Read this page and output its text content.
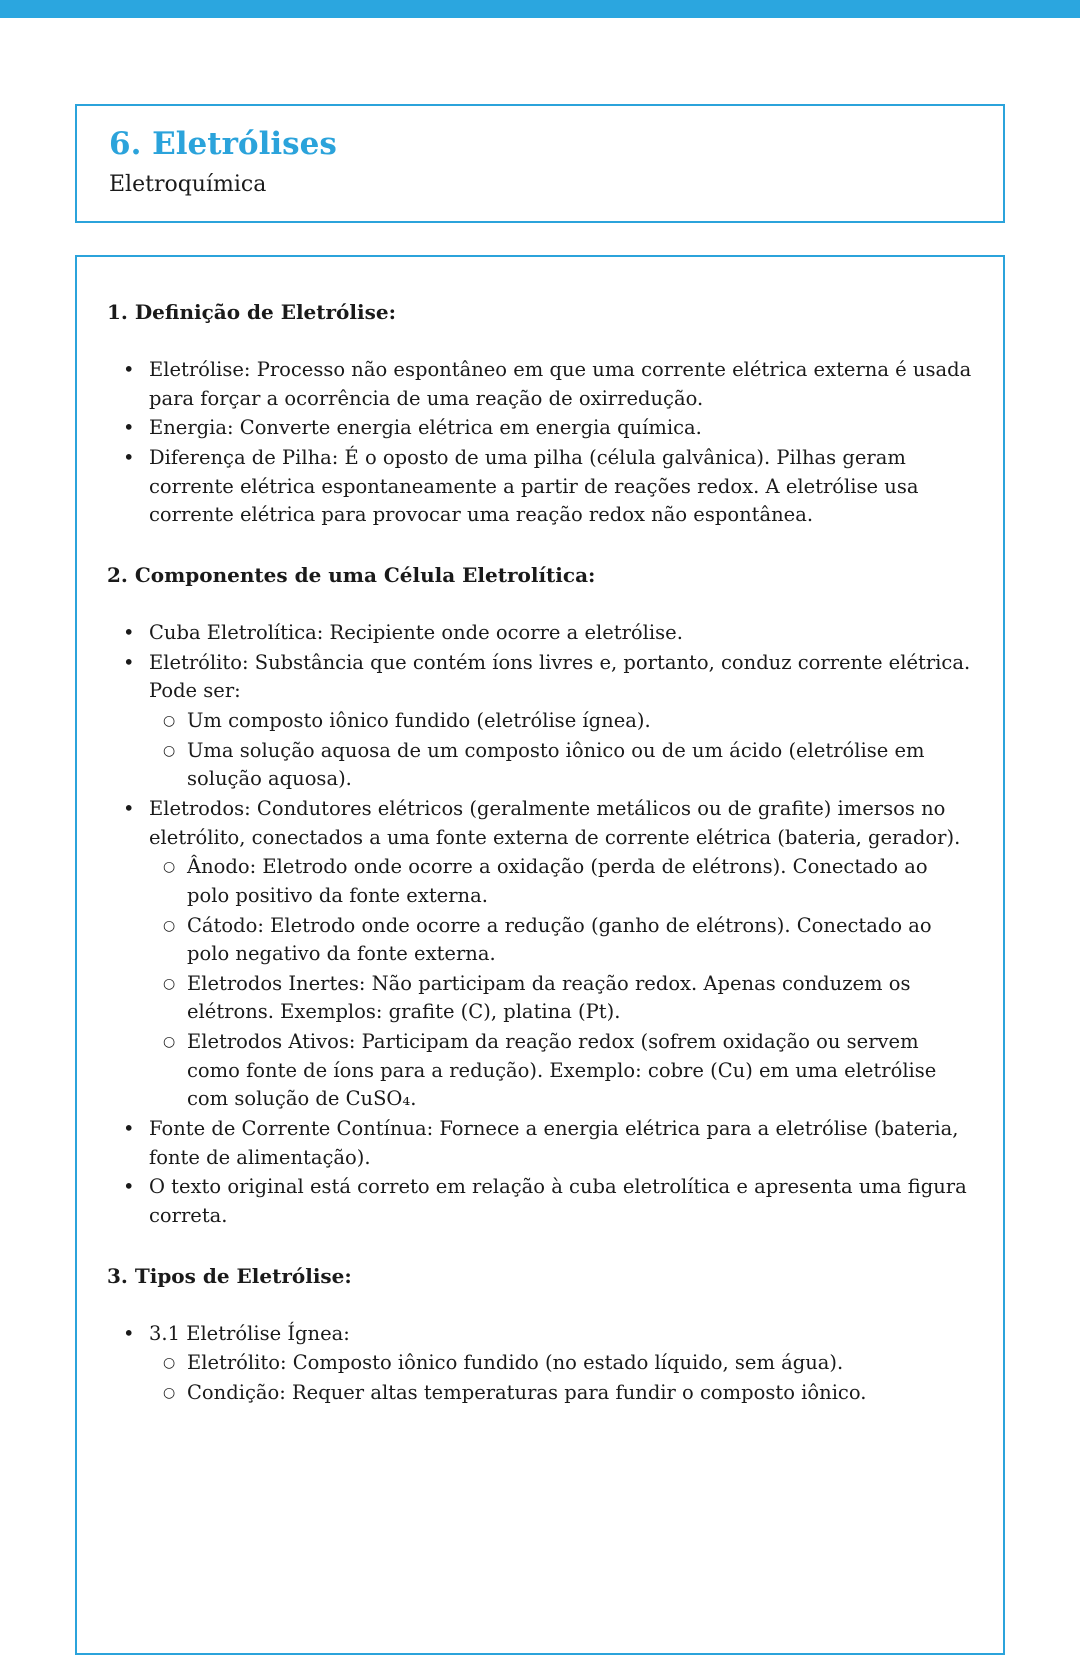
6. Eletrólises
Eletroquímica
1. Definição de Eletrólise:
• Eletrólise: Processo não espontâneo em que uma corrente elétrica externa é usada para forçar a ocorrência de uma reação de oxirredução.
• Energia: Converte energia elétrica em energia química.
• Diferença de Pilha: É o oposto de uma pilha (célula galvânica). Pilhas geram corrente elétrica espontaneamente a partir de reações redox. A eletrólise usa corrente elétrica para provocar uma reação redox não espontânea.
2. Componentes de uma Célula Eletrolítica:
• Cuba Eletrolítica: Recipiente onde ocorre a eletrólise.
• Eletrólito: Substância que contém íons livres e, portanto, conduz corrente elétrica. Pode ser:
○ Um composto iônico fundido (eletrólise ígnea).
○ Uma solução aquosa de um composto iônico ou de um ácido (eletrólise em solução aquosa).
• Eletrodos: Condutores elétricos (geralmente metálicos ou de grafite) imersos no eletrólito, conectados a uma fonte externa de corrente elétrica (bateria, gerador).
○ Ânodo: Eletrodo onde ocorre a oxidação (perda de elétrons). Conectado ao polo positivo da fonte externa.
○ Cátodo: Eletrodo onde ocorre a redução (ganho de elétrons). Conectado ao polo negativo da fonte externa.
○ Eletrodos Inertes: Não participam da reação redox. Apenas conduzem os elétrons. Exemplos: grafite (C), platina (Pt).
○ Eletrodos Ativos: Participam da reação redox (sofrem oxidação ou servem como fonte de íons para a redução). Exemplo: cobre (Cu) em uma eletrólise com solução de CuSO₄.
• Fonte de Corrente Contínua: Fornece a energia elétrica para a eletrólise (bateria, fonte de alimentação).
• O texto original está correto em relação à cuba eletrolítica e apresenta uma figura correta.
3. Tipos de Eletrólise:
• 3.1 Eletrólise Ígnea:
○ Eletrólito: Composto iônico fundido (no estado líquido, sem água).
○ Condição: Requer altas temperaturas para fundir o composto iônico.
